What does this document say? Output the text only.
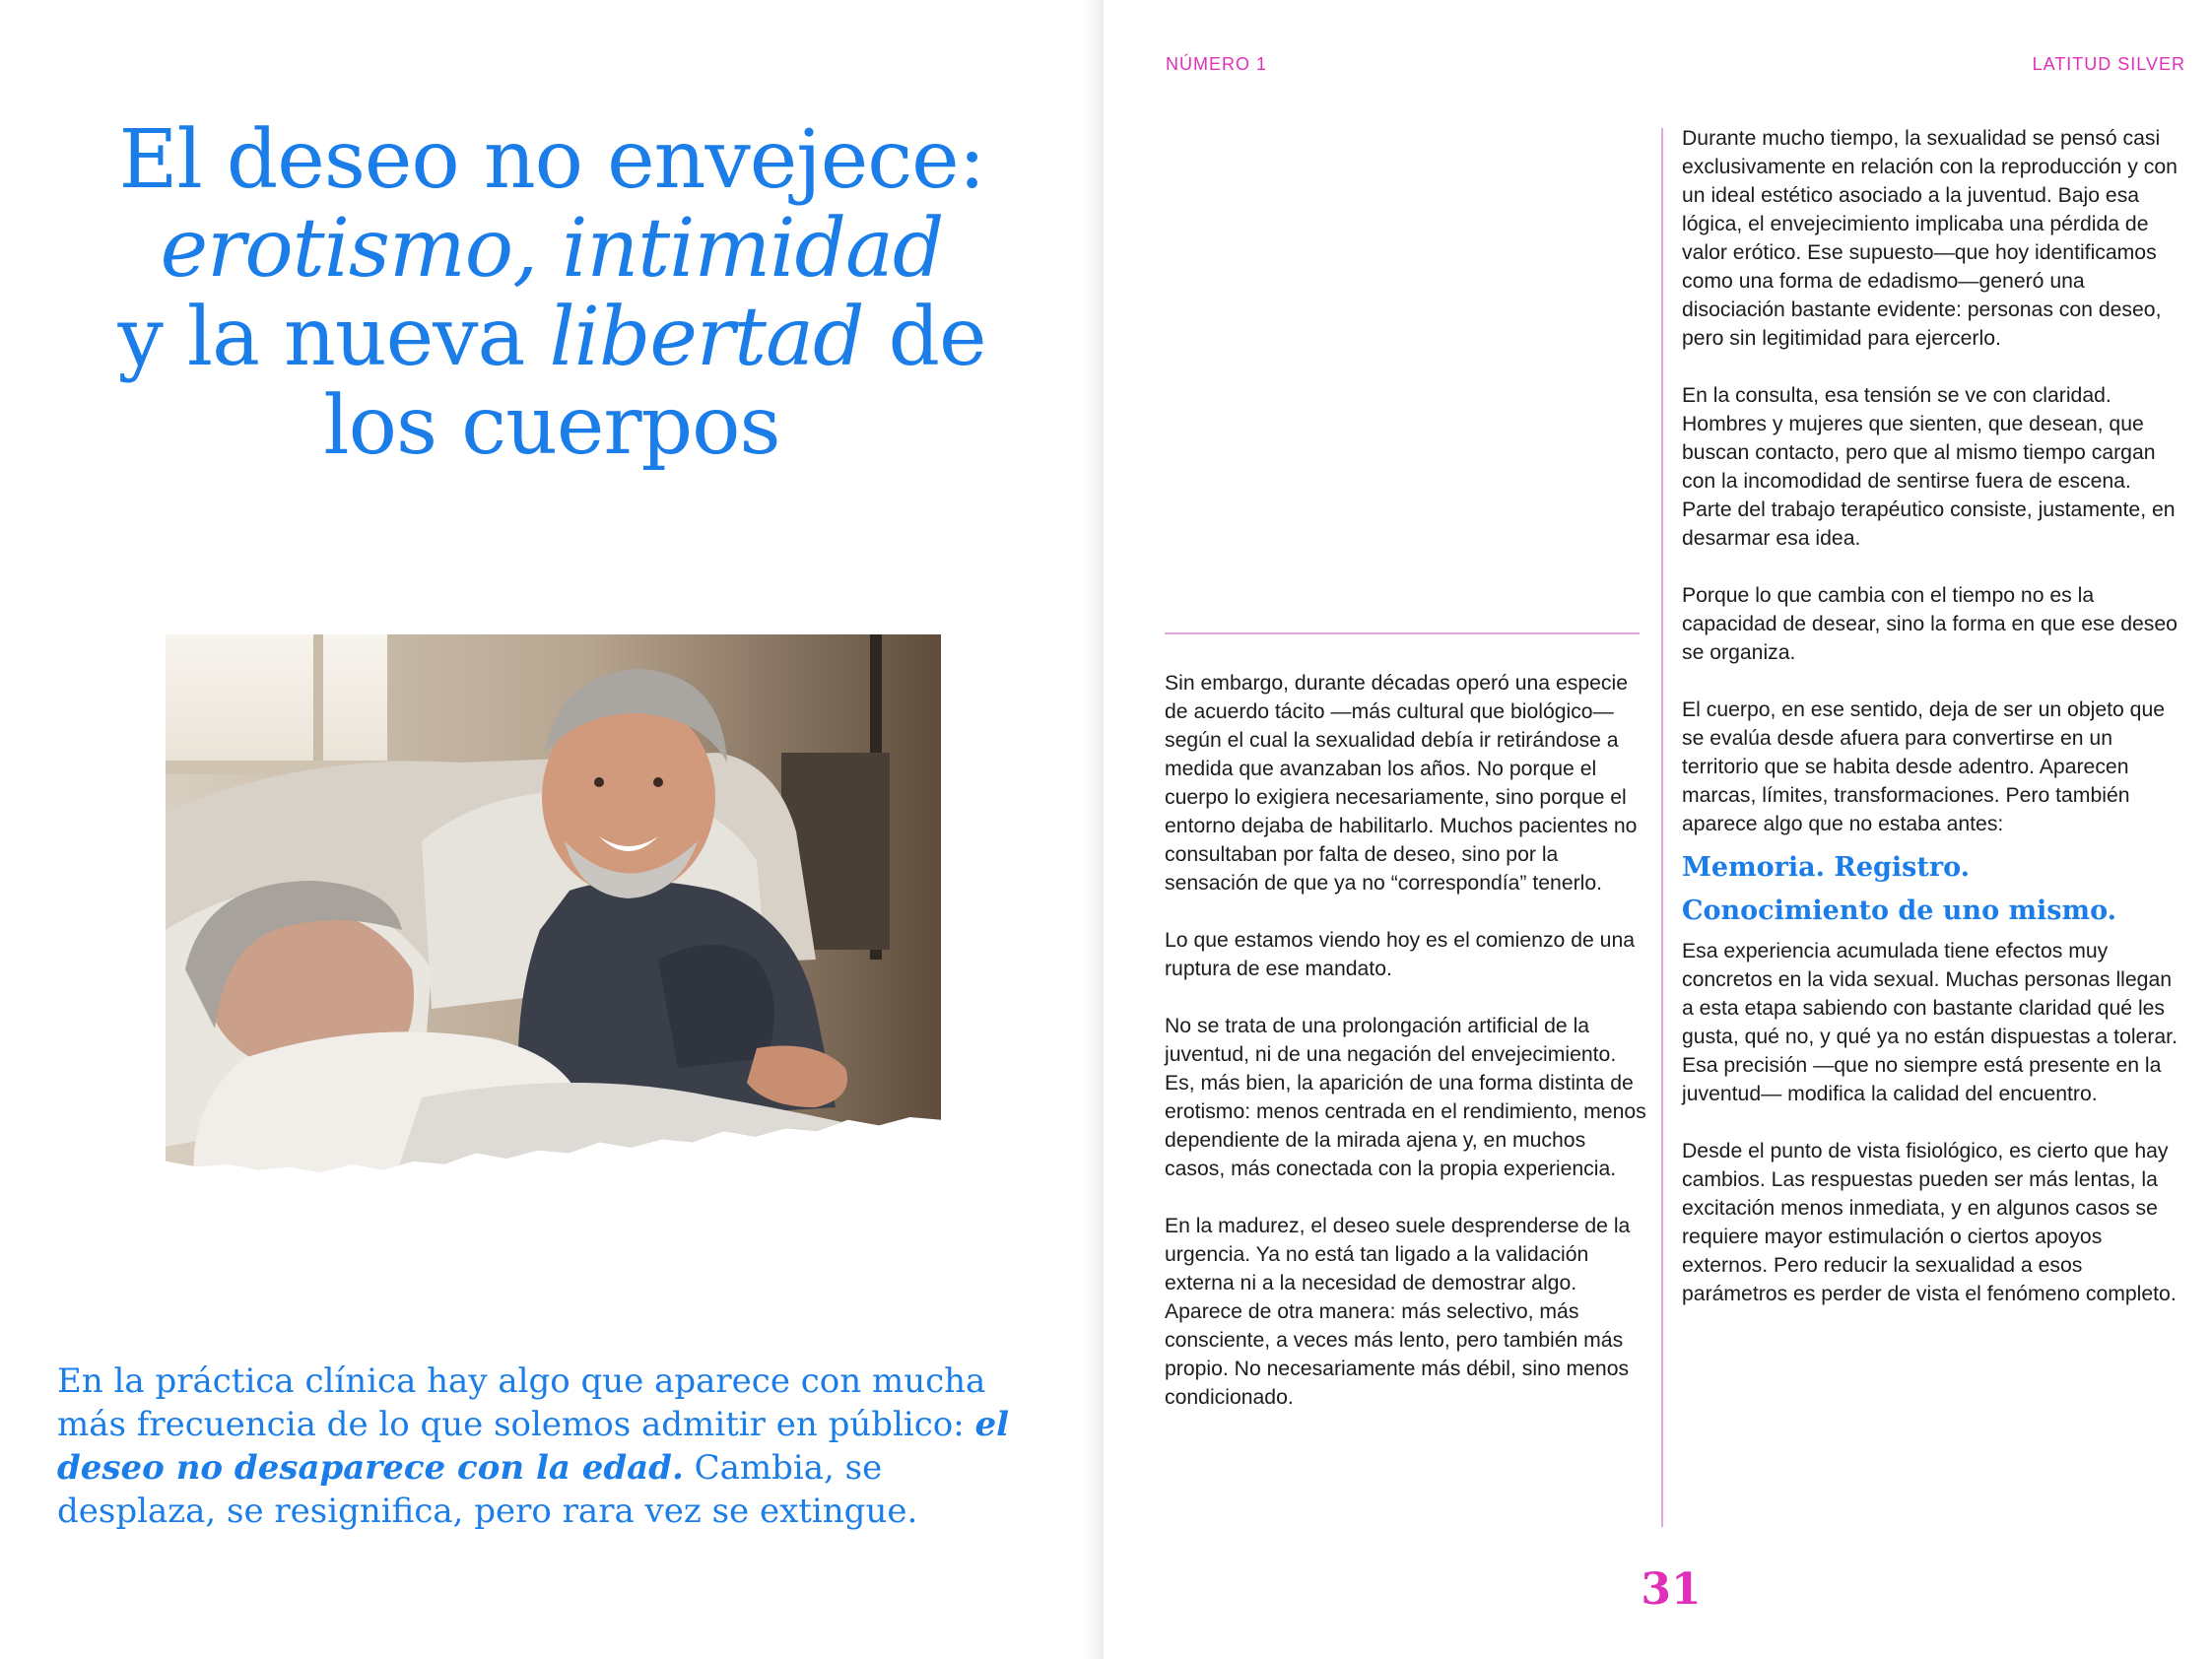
El deseo no envejece:
erotismo, intimidad
y la nueva libertad de
los cuerpos

En la práctica clínica hay algo que aparece con mucha más frecuencia de lo que solemos admitir en público: el deseo no desaparece con la edad. Cambia, se desplaza, se resignifica, pero rara vez se extingue.

NÚMERO 1	LATITUD SILVER

Sin embargo, durante décadas operó una especie de acuerdo tácito —más cultural que biológico— según el cual la sexualidad debía ir retirándose a medida que avanzaban los años. No porque el cuerpo lo exigiera necesariamente, sino porque el entorno dejaba de habilitarlo. Muchos pacientes no consultaban por falta de deseo, sino por la sensación de que ya no “correspondía” tenerlo.

Lo que estamos viendo hoy es el comienzo de una ruptura de ese mandato.

No se trata de una prolongación artificial de la juventud, ni de una negación del envejecimiento. Es, más bien, la aparición de una forma distinta de erotismo: menos centrada en el rendimiento, menos dependiente de la mirada ajena y, en muchos casos, más conectada con la propia experiencia.

En la madurez, el deseo suele desprenderse de la urgencia. Ya no está tan ligado a la validación externa ni a la necesidad de demostrar algo. Aparece de otra manera: más selectivo, más consciente, a veces más lento, pero también más propio. No necesariamente más débil, sino menos condicionado.

Durante mucho tiempo, la sexualidad se pensó casi exclusivamente en relación con la reproducción y con un ideal estético asociado a la juventud. Bajo esa lógica, el envejecimiento implicaba una pérdida de valor erótico. Ese supuesto—que hoy identificamos como una forma de edadismo—generó una disociación bastante evidente: personas con deseo, pero sin legitimidad para ejercerlo.

En la consulta, esa tensión se ve con claridad. Hombres y mujeres que sienten, que desean, que buscan contacto, pero que al mismo tiempo cargan con la incomodidad de sentirse fuera de escena. Parte del trabajo terapéutico consiste, justamente, en desarmar esa idea.

Porque lo que cambia con el tiempo no es la capacidad de desear, sino la forma en que ese deseo se organiza.

El cuerpo, en ese sentido, deja de ser un objeto que se evalúa desde afuera para convertirse en un territorio que se habita desde adentro. Aparecen marcas, límites, transformaciones. Pero también aparece algo que no estaba antes:

Memoria. Registro.
Conocimiento de uno mismo.

Esa experiencia acumulada tiene efectos muy concretos en la vida sexual. Muchas personas llegan a esta etapa sabiendo con bastante claridad qué les gusta, qué no, y qué ya no están dispuestas a tolerar. Esa precisión —que no siempre está presente en la juventud— modifica la calidad del encuentro.

Desde el punto de vista fisiológico, es cierto que hay cambios. Las respuestas pueden ser más lentas, la excitación menos inmediata, y en algunos casos se requiere mayor estimulación o ciertos apoyos externos. Pero reducir la sexualidad a esos parámetros es perder de vista el fenómeno completo.

31
